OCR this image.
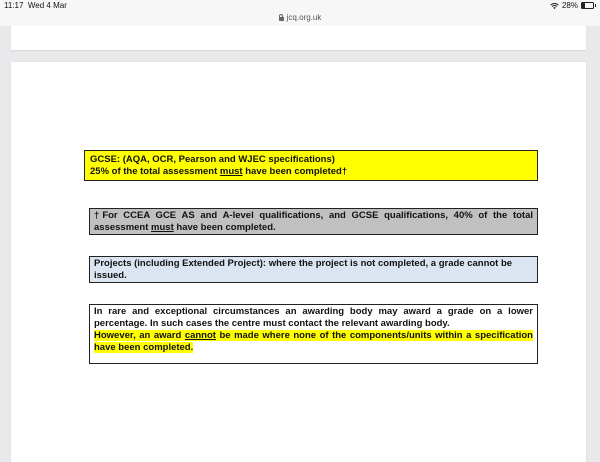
11:17 Wed 4 Mar	28%
jcq.org.uk
GCSE: (AQA, OCR, Pearson and WJEC specifications)
25% of the total assessment must have been completed†
†For CCEA GCE AS and A-level qualifications, and GCSE qualifications, 40% of the total assessment must have been completed.
Projects (including Extended Project): where the project is not completed, a grade cannot be issued.
In rare and exceptional circumstances an awarding body may award a grade on a lower percentage. In such cases the centre must contact the relevant awarding body.
However, an award cannot be made where none of the components/units within a specification have been completed.
